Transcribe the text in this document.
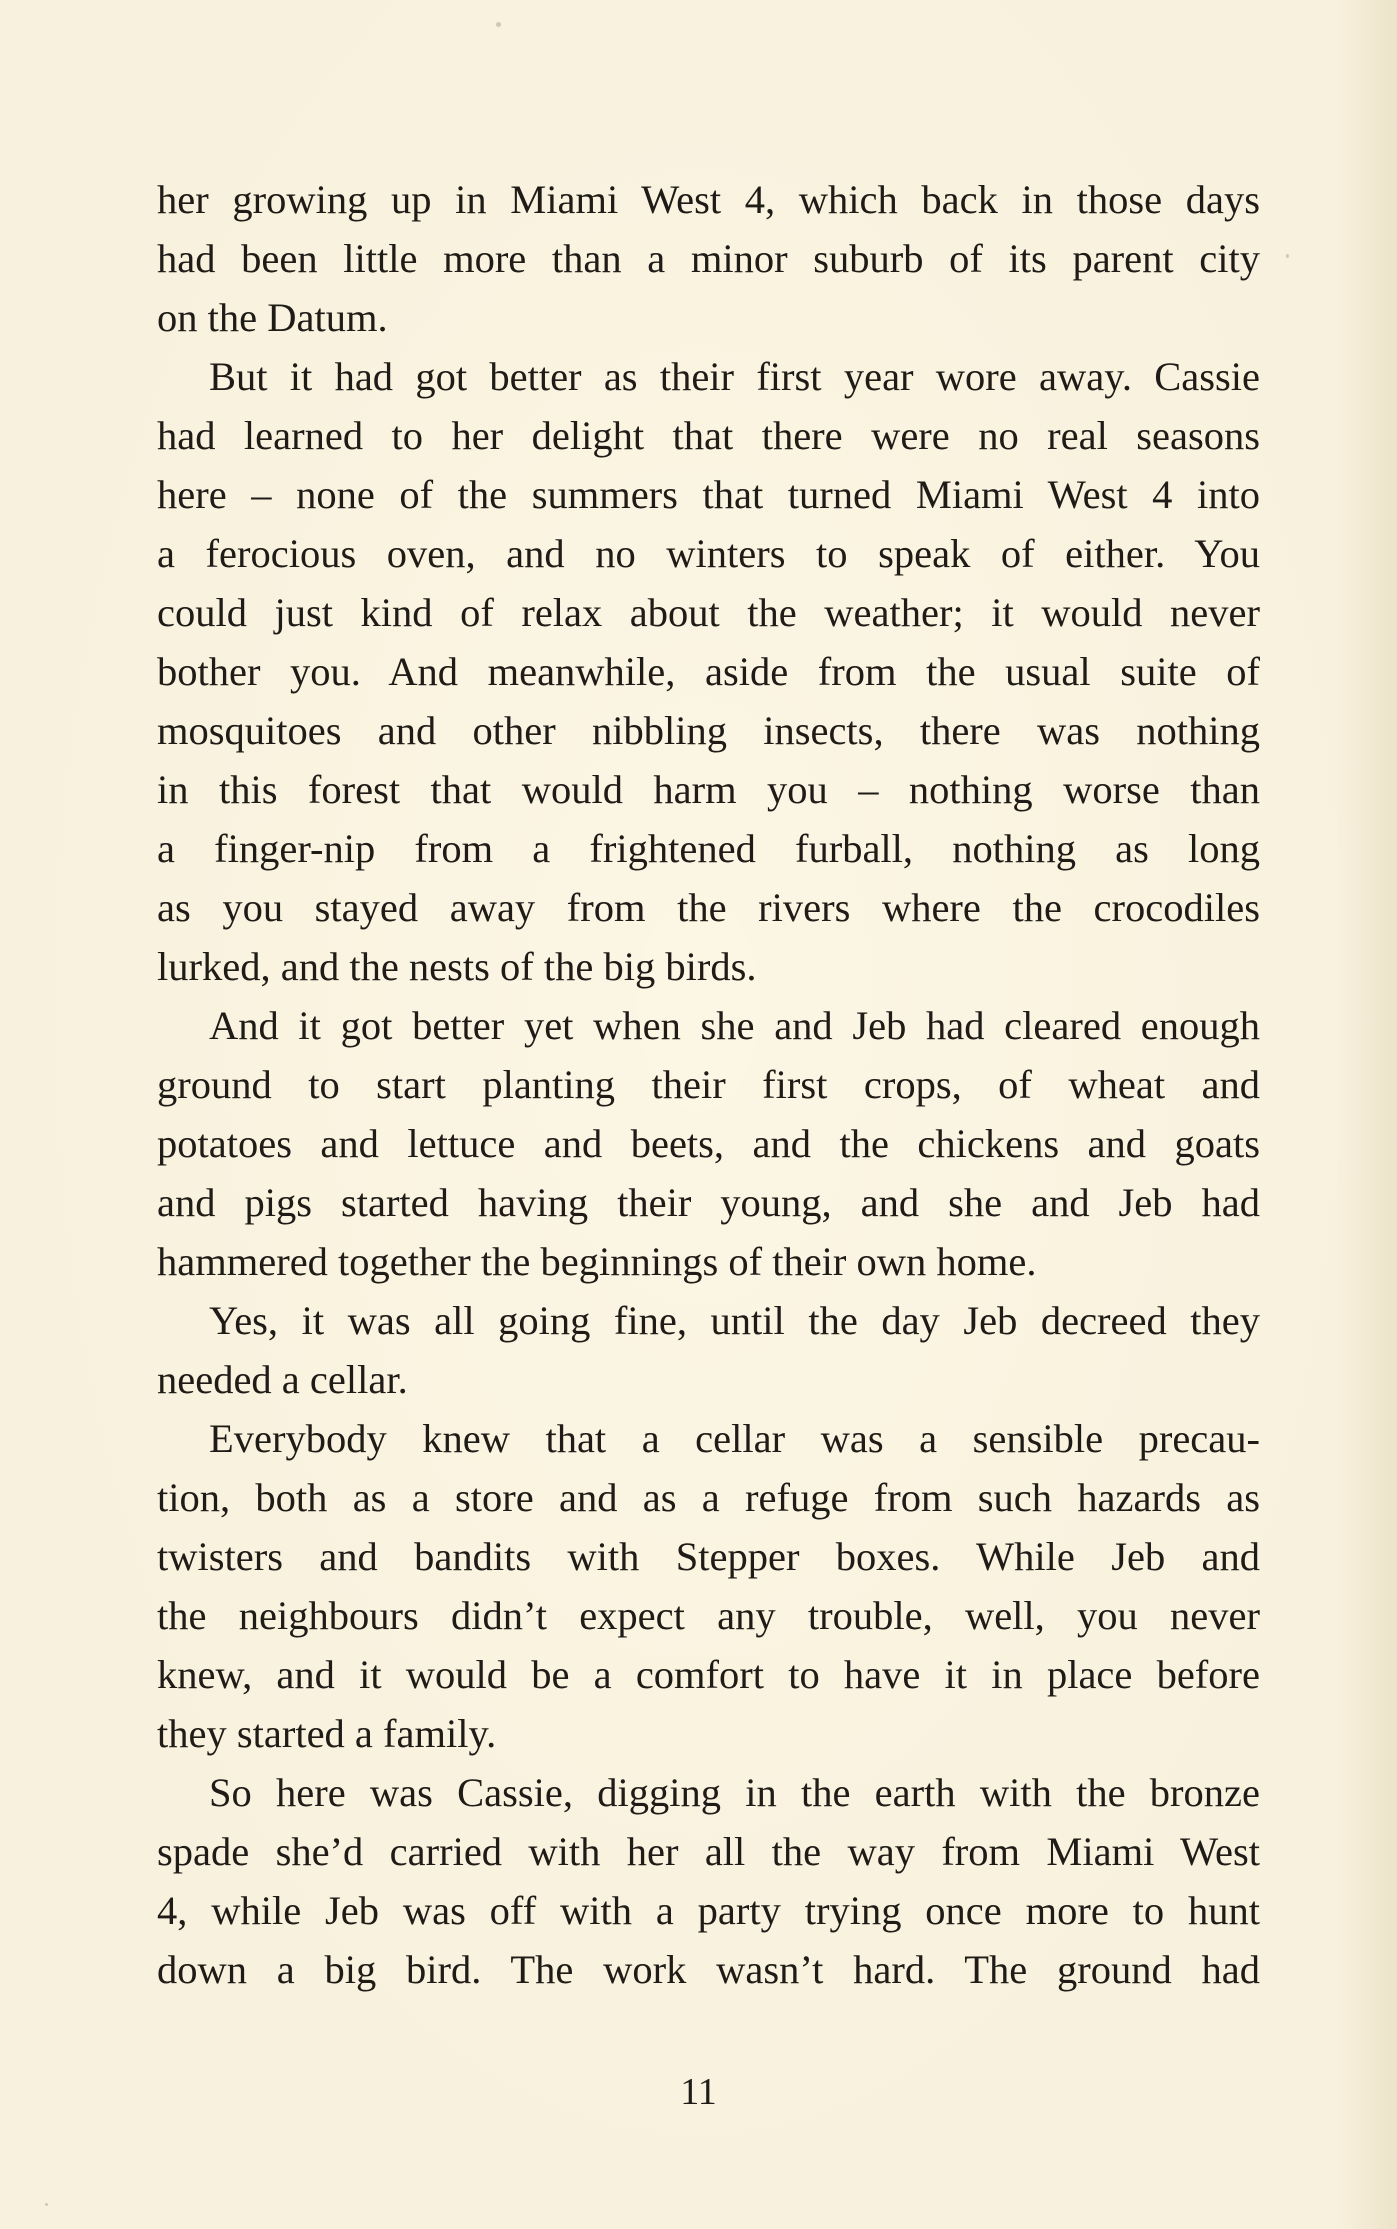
her growing up in Miami West 4, which back in those days
had been little more than a minor suburb of its parent city
on the Datum.
But it had got better as their first year wore away. Cassie
had learned to her delight that there were no real seasons
here – none of the summers that turned Miami West 4 into
a ferocious oven, and no winters to speak of either. You
could just kind of relax about the weather; it would never
bother you. And meanwhile, aside from the usual suite of
mosquitoes and other nibbling insects, there was nothing
in this forest that would harm you – nothing worse than
a finger-nip from a frightened furball, nothing as long
as you stayed away from the rivers where the crocodiles
lurked, and the nests of the big birds.
And it got better yet when she and Jeb had cleared enough
ground to start planting their first crops, of wheat and
potatoes and lettuce and beets, and the chickens and goats
and pigs started having their young, and she and Jeb had
hammered together the beginnings of their own home.
Yes, it was all going fine, until the day Jeb decreed they
needed a cellar.
Everybody knew that a cellar was a sensible precau-
tion, both as a store and as a refuge from such hazards as
twisters and bandits with Stepper boxes. While Jeb and
the neighbours didn’t expect any trouble, well, you never
knew, and it would be a comfort to have it in place before
they started a family.
So here was Cassie, digging in the earth with the bronze
spade she’d carried with her all the way from Miami West
4, while Jeb was off with a party trying once more to hunt
down a big bird. The work wasn’t hard. The ground had
11
